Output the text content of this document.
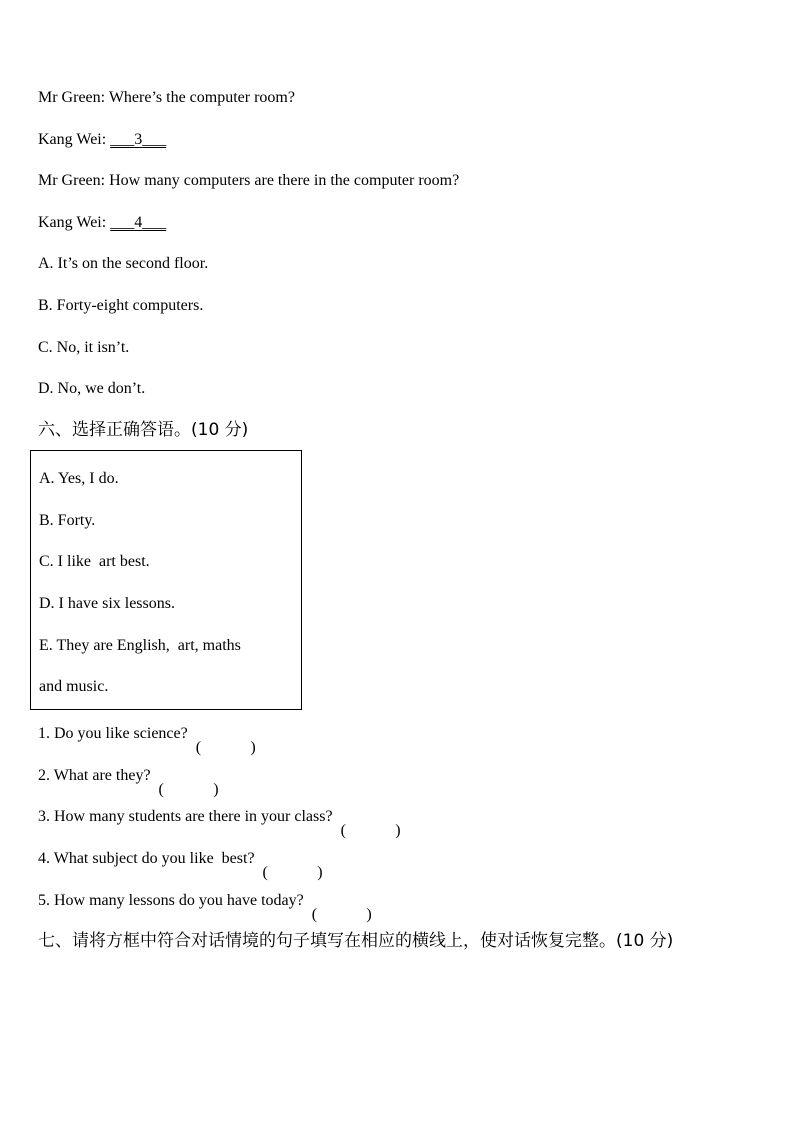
Mr Green: Where’s the computer room?
Kang Wei: ___3___
Mr Green: How many computers are there in the computer room?
Kang Wei: ___4___
A. It’s on the second floor.
B. Forty-eight computers.
C. No, it isn’t.
D. No, we don’t.
六、选择正确答语。(10 分)
A. Yes, I do.
B. Forty.
C. I like  art best.
D. I have six lessons.
E. They are English,  art, maths
and music.
1. Do you like science?
(	)
2. What are they?
(	)
3. How many students are there in your class?
(	)
4. What subject do you like  best?
(	)
5. How many lessons do you have today?
(	)
七、请将方框中符合对话情境的句子填写在相应的横线上，使对话恢复完整。(10 分)
